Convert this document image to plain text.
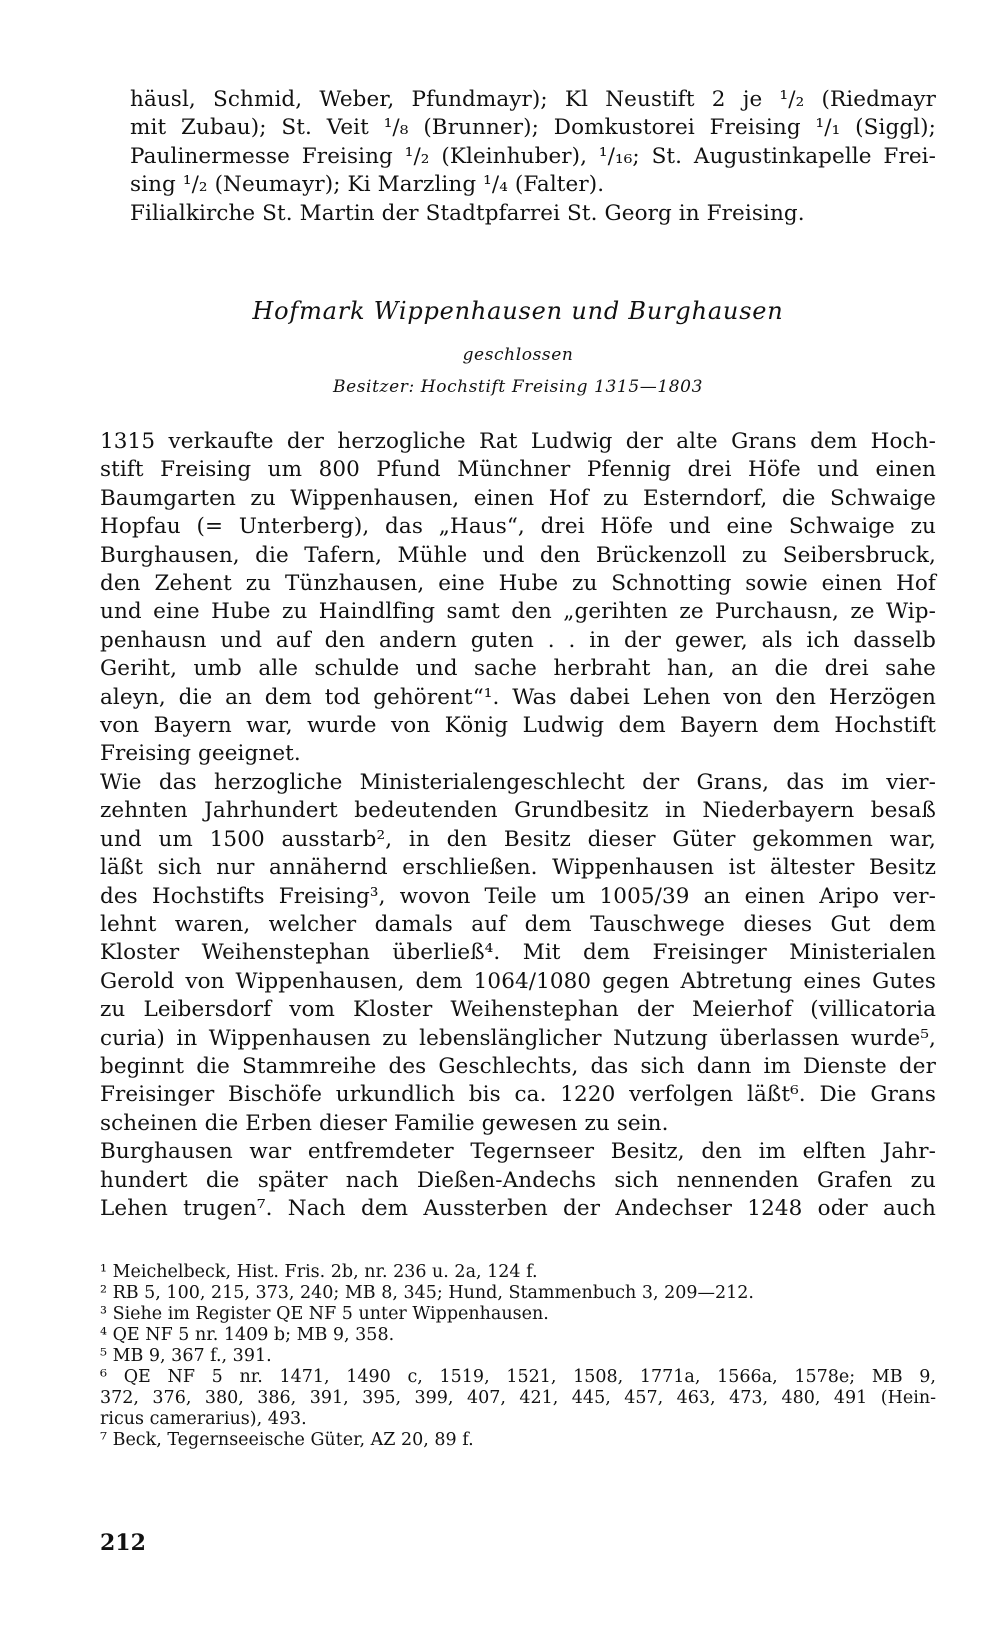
häusl, Schmid, Weber, Pfundmayr); Kl Neustift 2 je ¹/₂ (Riedmayr
mit Zubau); St. Veit ¹/₈ (Brunner); Domkustorei Freising ¹/₁ (Siggl);
Paulinermesse Freising ¹/₂ (Kleinhuber), ¹/₁₆; St. Augustinkapelle Frei-
sing ¹/₂ (Neumayr); Ki Marzling ¹/₄ (Falter).
Filialkirche St. Martin der Stadtpfarrei St. Georg in Freising.
Hofmark Wippenhausen und Burghausen
geschlossen
Besitzer: Hochstift Freising 1315—1803
1315 verkaufte der herzogliche Rat Ludwig der alte Grans dem Hoch-
stift Freising um 800 Pfund Münchner Pfennig drei Höfe und einen
Baumgarten zu Wippenhausen, einen Hof zu Esterndorf, die Schwaige
Hopfau (= Unterberg), das „Haus“, drei Höfe und eine Schwaige zu
Burghausen, die Tafern, Mühle und den Brückenzoll zu Seibersbruck,
den Zehent zu Tünzhausen, eine Hube zu Schnotting sowie einen Hof
und eine Hube zu Haindlfing samt den „gerihten ze Purchausn, ze Wip-
penhausn und auf den andern guten . . in der gewer, als ich dasselb
Geriht, umb alle schulde und sache herbraht han, an die drei sahe
aleyn, die an dem tod gehörent“¹. Was dabei Lehen von den Herzögen
von Bayern war, wurde von König Ludwig dem Bayern dem Hochstift
Freising geeignet.
Wie das herzogliche Ministerialengeschlecht der Grans, das im vier-
zehnten Jahrhundert bedeutenden Grundbesitz in Niederbayern besaß
und um 1500 ausstarb², in den Besitz dieser Güter gekommen war,
läßt sich nur annähernd erschließen. Wippenhausen ist ältester Besitz
des Hochstifts Freising³, wovon Teile um 1005/39 an einen Aripo ver-
lehnt waren, welcher damals auf dem Tauschwege dieses Gut dem
Kloster Weihenstephan überließ⁴. Mit dem Freisinger Ministerialen
Gerold von Wippenhausen, dem 1064/1080 gegen Abtretung eines Gutes
zu Leibersdorf vom Kloster Weihenstephan der Meierhof (villicatoria
curia) in Wippenhausen zu lebenslänglicher Nutzung überlassen wurde⁵,
beginnt die Stammreihe des Geschlechts, das sich dann im Dienste der
Freisinger Bischöfe urkundlich bis ca. 1220 verfolgen läßt⁶. Die Grans
scheinen die Erben dieser Familie gewesen zu sein.
Burghausen war entfremdeter Tegernseer Besitz, den im elften Jahr-
hundert die später nach Dießen-Andechs sich nennenden Grafen zu
Lehen trugen⁷. Nach dem Aussterben der Andechser 1248 oder auch
¹ Meichelbeck, Hist. Fris. 2b, nr. 236 u. 2a, 124 f.
² RB 5, 100, 215, 373, 240; MB 8, 345; Hund, Stammenbuch 3, 209—212.
³ Siehe im Register QE NF 5 unter Wippenhausen.
⁴ QE NF 5 nr. 1409 b; MB 9, 358.
⁵ MB 9, 367 f., 391.
⁶ QE NF 5 nr. 1471, 1490 c, 1519, 1521, 1508, 1771a, 1566a, 1578e; MB 9,
372, 376, 380, 386, 391, 395, 399, 407, 421, 445, 457, 463, 473, 480, 491 (Hein-
ricus camerarius), 493.
⁷ Beck, Tegernseeische Güter, AZ 20, 89 f.
212
